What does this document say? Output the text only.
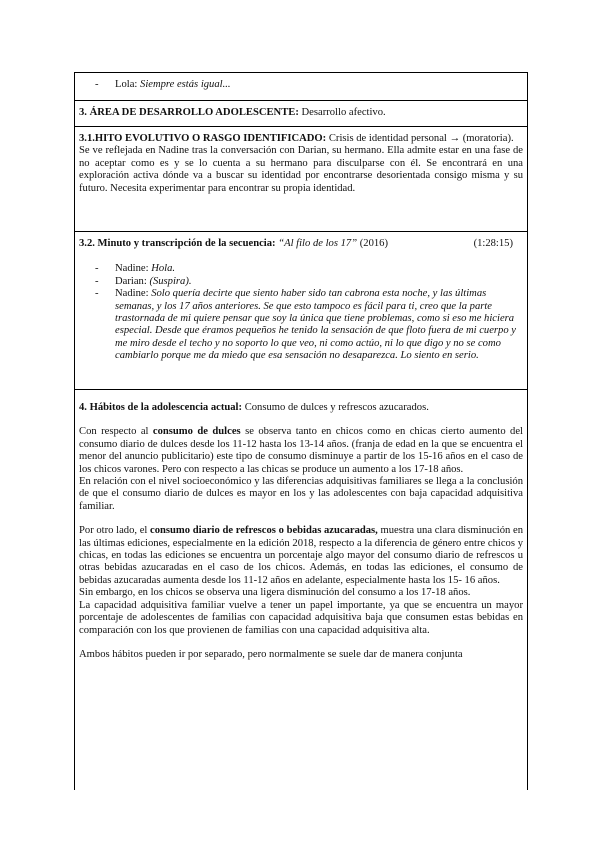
- Lola: Siempre estás igual...
3. ÁREA DE DESARROLLO ADOLESCENTE: Desarrollo afectivo.

3.1.HITO EVOLUTIVO O RASGO IDENTIFICADO: Crisis de identidad personal → (moratoria).

Se ve reflejada en Nadine tras la conversación con Darian, su hermano. Ella admite estar en una fase de no aceptar como es y se lo cuenta a su hermano para disculparse con él. Se encontrará en una exploración activa dónde va a buscar su identidad por encontrarse desorientada consigo misma y su futuro. Necesita experimentar para encontrar su propia identidad.

3.2. Minuto y transcripción de la secuencia: “Al filo de los 17” (2016)	(1:28:15)
- Nadine: Hola.
- Darian: (Suspira).
- Nadine: Solo quería decirte que siento haber sido tan cabrona esta noche, y las últimas semanas, y los 17 años anteriores. Se que esto tampoco es fácil para ti, creo que la parte trastornada de mi quiere pensar que soy la única que tiene problemas, como si eso me hiciera especial. Desde que éramos pequeños he tenido la sensación de que floto fuera de mi cuerpo y me miro desde el techo y no soporto lo que veo, ni como actúo, ni lo que digo y no se como cambiarlo porque me da miedo que esa sensación no desaparezca. Lo siento en serio.

4. Hábitos de la adolescencia actual: Consumo de dulces y refrescos azucarados.

Con respecto al consumo de dulces se observa tanto en chicos como en chicas cierto aumento del consumo diario de dulces desde los 11-12 hasta los 13-14 años. (franja de edad en la que se encuentra el menor del anuncio publicitario) este tipo de consumo disminuye a partir de los 15-16 años en el caso de los chicos varones. Pero con respecto a las chicas se produce un aumento a los 17-18 años.

En relación con el nivel socioeconómico y las diferencias adquisitivas familiares se llega a la conclusión de que el consumo diario de dulces es mayor en los y las adolescentes con baja capacidad adquisitiva familiar.

Por otro lado, el consumo diario de refrescos o bebidas azucaradas, muestra una clara disminución en las últimas ediciones, especialmente en la edición 2018, respecto a la diferencia de género entre chicos y chicas, en todas las ediciones se encuentra un porcentaje algo mayor del consumo diario de refrescos u otras bebidas azucaradas en el caso de los chicos. Además, en todas las ediciones, el consumo de bebidas azucaradas aumenta desde los 11-12 años en adelante, especialmente hasta los 15- 16 años.

Sin embargo, en los chicos se observa una ligera disminución del consumo a los 17-18 años.

La capacidad adquisitiva familiar vuelve a tener un papel importante, ya que se encuentra un mayor porcentaje de adolescentes de familias con capacidad adquisitiva baja que consumen estas bebidas en comparación con los que provienen de familias con una capacidad adquisitiva alta.

Ambos hábitos pueden ir por separado, pero normalmente se suele dar de manera conjunta
